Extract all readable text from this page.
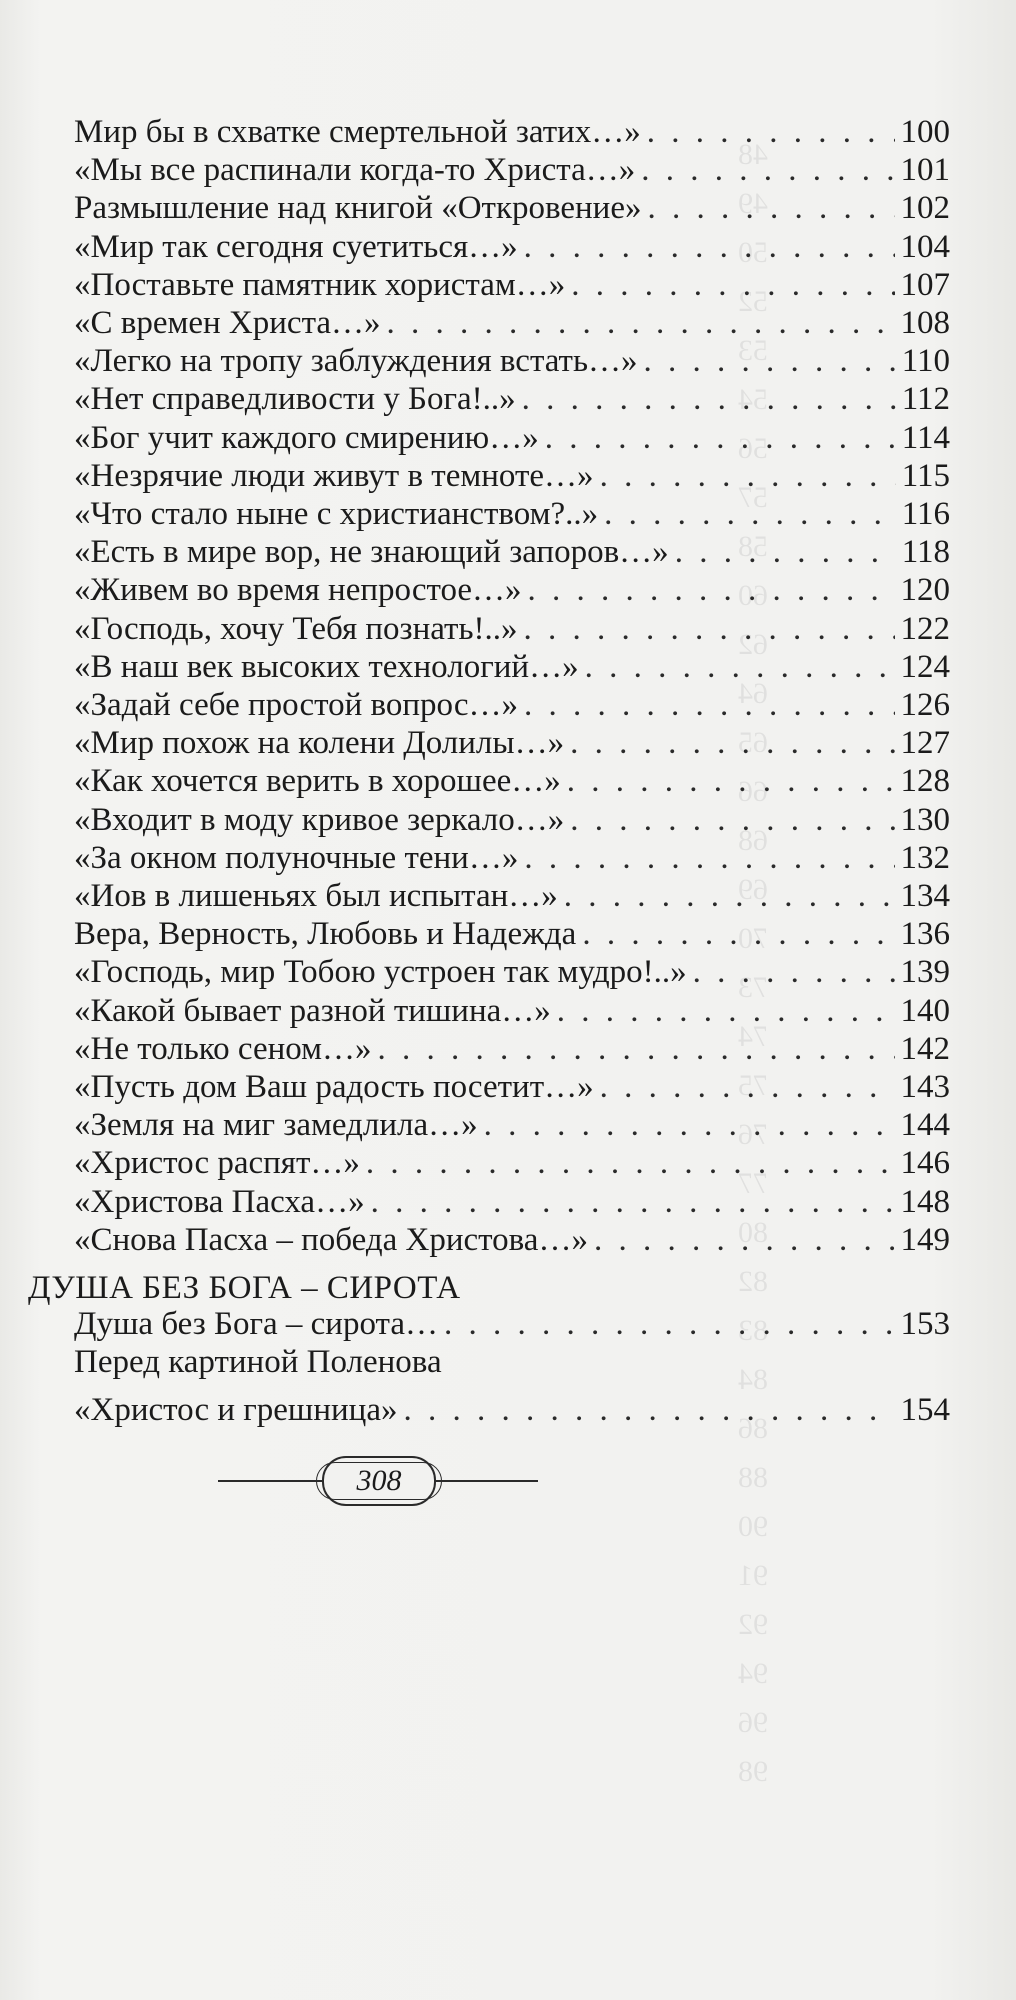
48
49
50
52
53
54
56
57
58
60
62
64
65
66
68
69
70
73
74
75
76
77
80
82
83
84
86
88
90
91
92
94
96
98
Мир бы в схватке смертельной затих…» . . .	100
«Мы все распинали когда-то Христа…» . . .	101
Размышление над книгой «Откровение» . . .	102
«Мир так сегодня суетиться…» . . .	104
«Поставьте памятник хористам…» . . .	107
«С времен Христа…» . . .	108
«Легко на тропу заблуждения встать…» . . .	110
«Нет справедливости у Бога!..» . . .	112
«Бог учит каждого смирению…» . . .	114
«Незрячие люди живут в темноте…» . . .	115
«Что стало ныне с христианством?..» . . .	116
«Есть в мире вор, не знающий запоров…» . . .	118
«Живем во время непростое…» . . .	120
«Господь, хочу Тебя познать!..» . . .	122
«В наш век высоких технологий…» . . .	124
«Задай себе простой вопрос…» . . .	126
«Мир похож на колени Долилы…» . . .	127
«Как хочется верить в хорошее…» . . .	128
«Входит в моду кривое зеркало…» . . .	130
«За окном полуночные тени…» . . .	132
«Иов в лишеньях был испытан…» . . .	134
Вера, Верность, Любовь и Надежда . . .	136
«Господь, мир Тобою устроен так мудро!..» . . .	139
«Какой бывает разной тишина…» . . .	140
«Не только сеном…» . . .	142
«Пусть дом Ваш радость посетит…» . . .	143
«Земля на миг замедлила…» . . .	144
«Христос распят…» . . .	146
«Христова Пасха…» . . .	148
«Снова Пасха – победа Христова…» . . .	149
ДУША БЕЗ БОГА – СИРОТА
Душа без Бога – сирота… . . .	153
Перед картиной Поленова
«Христос и грешница» . . .	154
308
